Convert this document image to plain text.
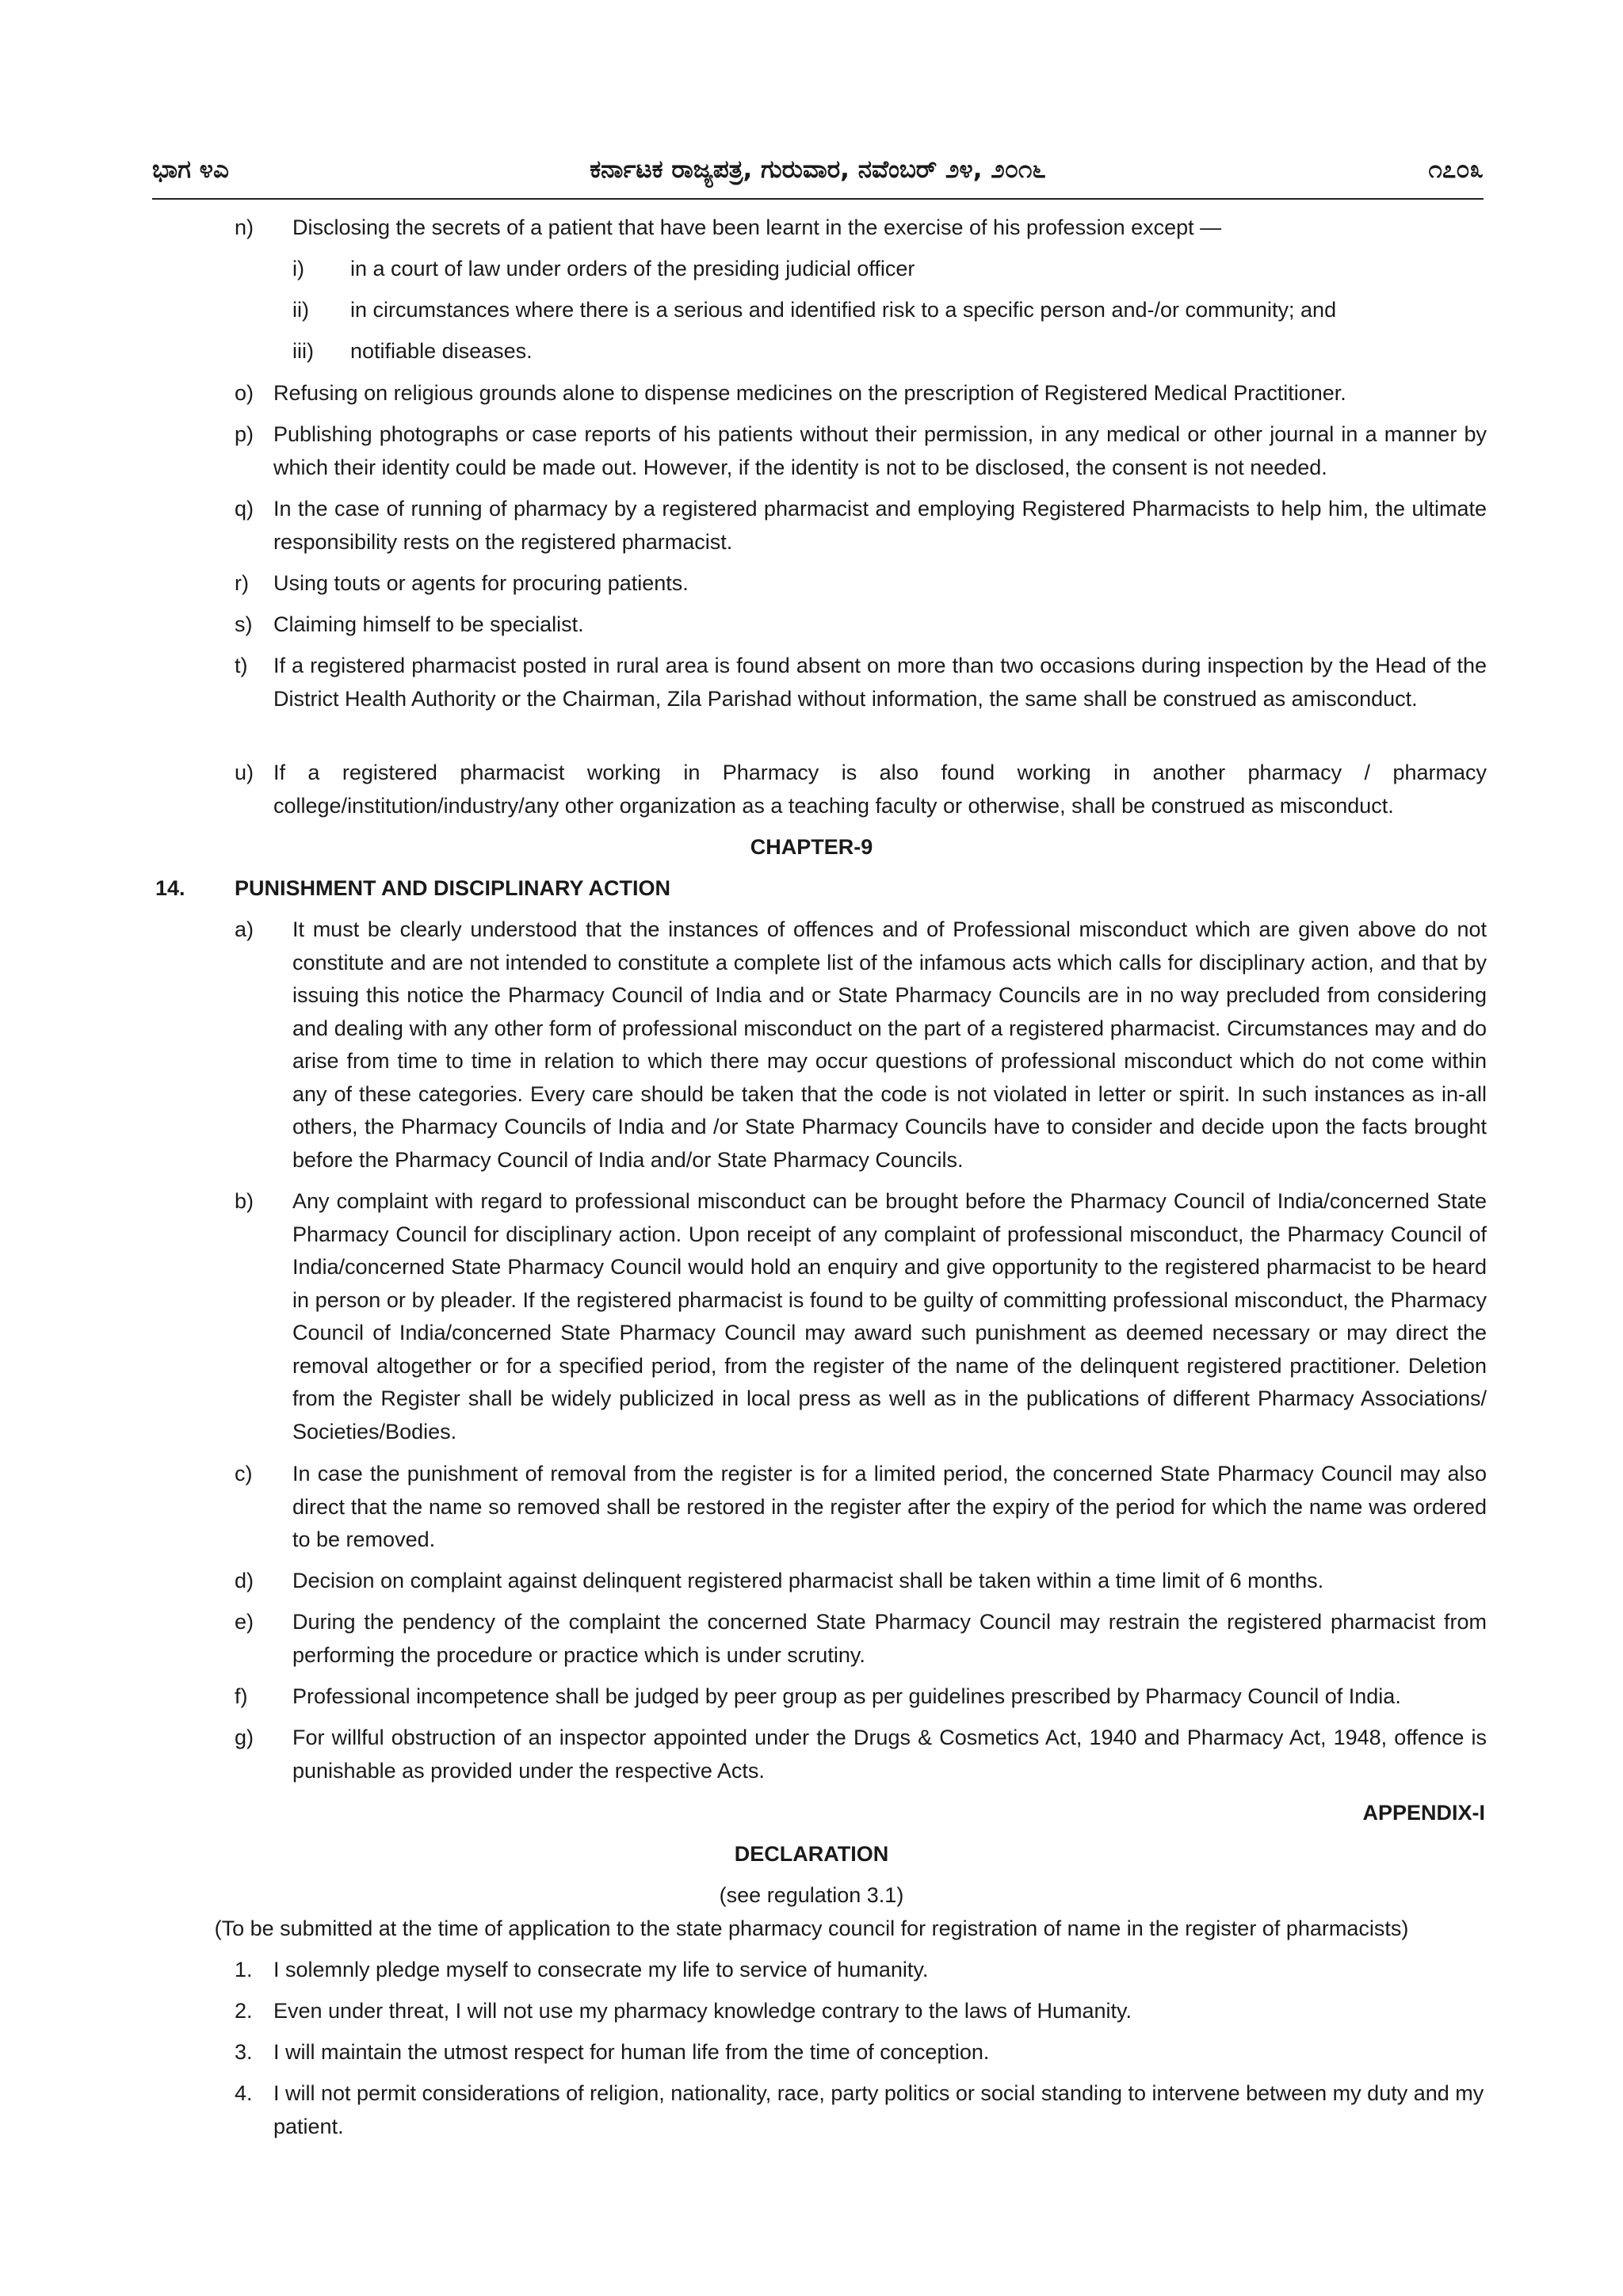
ಭಾಗ ೪ಎ	ಕರ್ನಾಟಕ ರಾಜ್ಯಪತ್ರ, ಗುರುವಾರ, ನವೆಂಬರ್ ೨೪, ೨೦೧೬	೧೭೦೩
n) Disclosing the secrets of a patient that have been learnt in the exercise of his profession except —
i) in a court of law under orders of the presiding judicial officer
ii) in circumstances where there is a serious and identified risk to a specific person and-/or community; and
iii) notifiable diseases.
o) Refusing on religious grounds alone to dispense medicines on the prescription of Registered Medical Practitioner.
p) Publishing photographs or case reports of his patients without their permission, in any medical or other journal in a manner by which their identity could be made out. However, if the identity is not to be disclosed, the consent is not needed.
q) In the case of running of pharmacy by a registered pharmacist and employing Registered Pharmacists to help him, the ultimate responsibility rests on the registered pharmacist.
r) Using touts or agents for procuring patients.
s) Claiming himself to be specialist.
t) If a registered pharmacist posted in rural area is found absent on more than two occasions during inspection by the Head of the District Health Authority or the Chairman, Zila Parishad without information, the same shall be construed as amisconduct.
u) If a registered pharmacist working in Pharmacy is also found working in another pharmacy / pharmacy college/institution/industry/any other organization as a teaching faculty or otherwise, shall be construed as misconduct.
CHAPTER-9
14. PUNISHMENT AND DISCIPLINARY ACTION
a) It must be clearly understood that the instances of offences and of Professional misconduct which are given above do not constitute and are not intended to constitute a complete list of the infamous acts which calls for disciplinary action, and that by issuing this notice the Pharmacy Council of India and or State Pharmacy Councils are in no way precluded from considering and dealing with any other form of professional misconduct on the part of a registered pharmacist. Circumstances may and do arise from time to time in relation to which there may occur questions of professional misconduct which do not come within any of these categories. Every care should be taken that the code is not violated in letter or spirit. In such instances as in-all others, the Pharmacy Councils of India and /or State Pharmacy Councils have to consider and decide upon the facts brought before the Pharmacy Council of India and/or State Pharmacy Councils.
b) Any complaint with regard to professional misconduct can be brought before the Pharmacy Council of India/concerned State Pharmacy Council for disciplinary action. Upon receipt of any complaint of professional misconduct, the Pharmacy Council of India/concerned State Pharmacy Council would hold an enquiry and give opportunity to the registered pharmacist to be heard in person or by pleader. If the registered pharmacist is found to be guilty of committing professional misconduct, the Pharmacy Council of India/concerned State Pharmacy Council may award such punishment as deemed necessary or may direct the removal altogether or for a specified period, from the register of the name of the delinquent registered practitioner. Deletion from the Register shall be widely publicized in local press as well as in the publications of different Pharmacy Associations/ Societies/Bodies.
c) In case the punishment of removal from the register is for a limited period, the concerned State Pharmacy Council may also direct that the name so removed shall be restored in the register after the expiry of the period for which the name was ordered to be removed.
d) Decision on complaint against delinquent registered pharmacist shall be taken within a time limit of 6 months.
e) During the pendency of the complaint the concerned State Pharmacy Council may restrain the registered pharmacist from performing the procedure or practice which is under scrutiny.
f) Professional incompetence shall be judged by peer group as per guidelines prescribed by Pharmacy Council of India.
g) For willful obstruction of an inspector appointed under the Drugs & Cosmetics Act, 1940 and Pharmacy Act, 1948, offence is punishable as provided under the respective Acts.
APPENDIX-I
DECLARATION
(see regulation 3.1)
(To be submitted at the time of application to the state pharmacy council for registration of name in the register of pharmacists)
1. I solemnly pledge myself to consecrate my life to service of humanity.
2. Even under threat, I will not use my pharmacy knowledge contrary to the laws of Humanity.
3. I will maintain the utmost respect for human life from the time of conception.
4. I will not permit considerations of religion, nationality, race, party politics or social standing to intervene between my duty and my patient.
